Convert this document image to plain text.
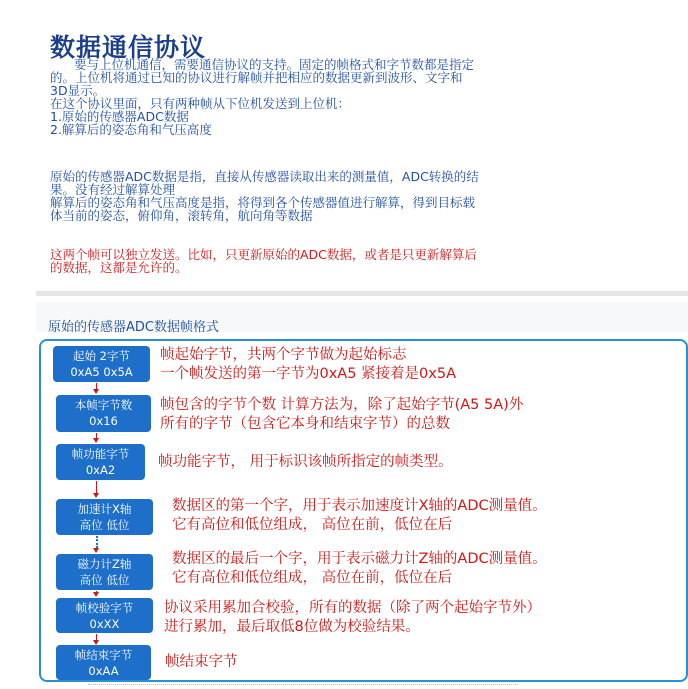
数据通信协议
要与上位机通信，需要通信协议的支持。固定的帧格式和字节数都是指定
的。上位机将通过已知的协议进行解帧并把相应的数据更新到波形、文字和
3D显示。
在这个协议里面，只有两种帧从下位机发送到上位机：
1.原始的传感器ADC数据
2.解算后的姿态角和气压高度
原始的传感器ADC数据是指，直接从传感器读取出来的测量值，ADC转换的结
果。没有经过解算处理
解算后的姿态角和气压高度是指，将得到各个传感器值进行解算，得到目标载
体当前的姿态，俯仰角，滚转角，航向角等数据
这两个帧可以独立发送。比如，只更新原始的ADC数据，或者是只更新解算后
的数据，这都是允许的。
原始的传感器ADC数据帧格式
起始 2字节
0xA5 0x5A
帧起始字节，共两个字节做为起始标志
一个帧发送的第一字节为0xA5 紧接着是0x5A
本帧字节数
0x16
帧包含的字节个数 计算方法为，除了起始字节(A5 5A)外
所有的字节（包含它本身和结束字节）的总数
帧功能字节
0xA2	帧功能字节， 用于标识该帧所指定的帧类型。
加速计X轴
高位 低位
数据区的第一个字，用于表示加速度计X轴的ADC测量值。
它有高位和低位组成， 高位在前，低位在后
磁力计Z轴
高位 低位
数据区的最后一个字，用于表示磁力计Z轴的ADC测量值。
它有高位和低位组成， 高位在前，低位在后
帧校验字节
0xXX
协议采用累加合校验，所有的数据（除了两个起始字节外）
进行累加，最后取低8位做为校验结果。
帧结束字节
0xAA
帧结束字节
